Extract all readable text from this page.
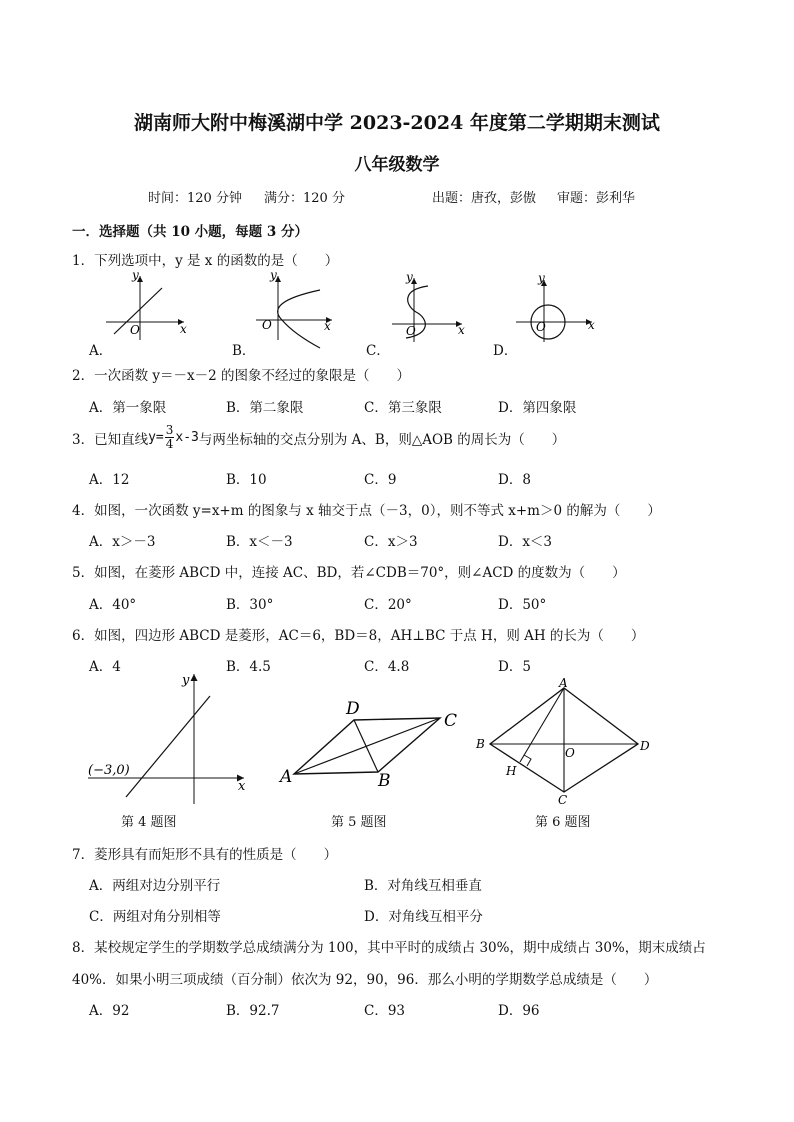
湖南师大附中梅溪湖中学 2023-2024 年度第二学期期末测试
八年级数学
时间：120 分钟 满分：120 分	出题：唐孜，彭傲 审题：彭利华
一．选择题（共 10 小题，每题 3 分）
1．下列选项中，y 是 x 的函数的是（　　）
y
O	x
A．
y
O	x
B．
y
O	x
C．
y
O	x
D．
2．一次函数 y＝－x－2 的图象不经过的象限是（　　）
A．第一象限	B．第二象限	C．第三象限	D．第四象限
3．已知直线 $y= \frac{3}{4} x-3$ 与两坐标轴的交点分别为 A、B，则△AOB 的周长为（　　）
A．12	B．10	C．9	D．8
4．如图，一次函数 y=x+m 的图象与 x 轴交于点（－3，0），则不等式 x+m＞0 的解为（　　）
A．x＞－3	B．x＜－3	C．x＞3	D．x＜3
5．如图，在菱形 ABCD 中，连接 AC、BD，若∠CDB＝70°，则∠ACD 的度数为（　　）
A．40°	B．30°	C．20°	D．50°
6．如图，四边形 ABCD 是菱形，AC＝6，BD＝8，AH⊥BC 于点 H，则 AH 的长为（　　）
A．4	B．4.5	C．4.8	D．5
y
x
(−3,0)
第 4 题图
A	B
C
D
第 5 题图
A
B
C
D
O
H
第 6 题图
7．菱形具有而矩形不具有的性质是（　　）
A．两组对边分别平行	B．对角线互相垂直
C．两组对角分别相等	D．对角线互相平分
8．某校规定学生的学期数学总成绩满分为 100，其中平时的成绩占 30%，期中成绩占 30%，期末成绩占
40%．如果小明三项成绩（百分制）依次为 92，90，96．那么小明的学期数学总成绩是（　　）
A．92	B．92.7	C．93	D．96
